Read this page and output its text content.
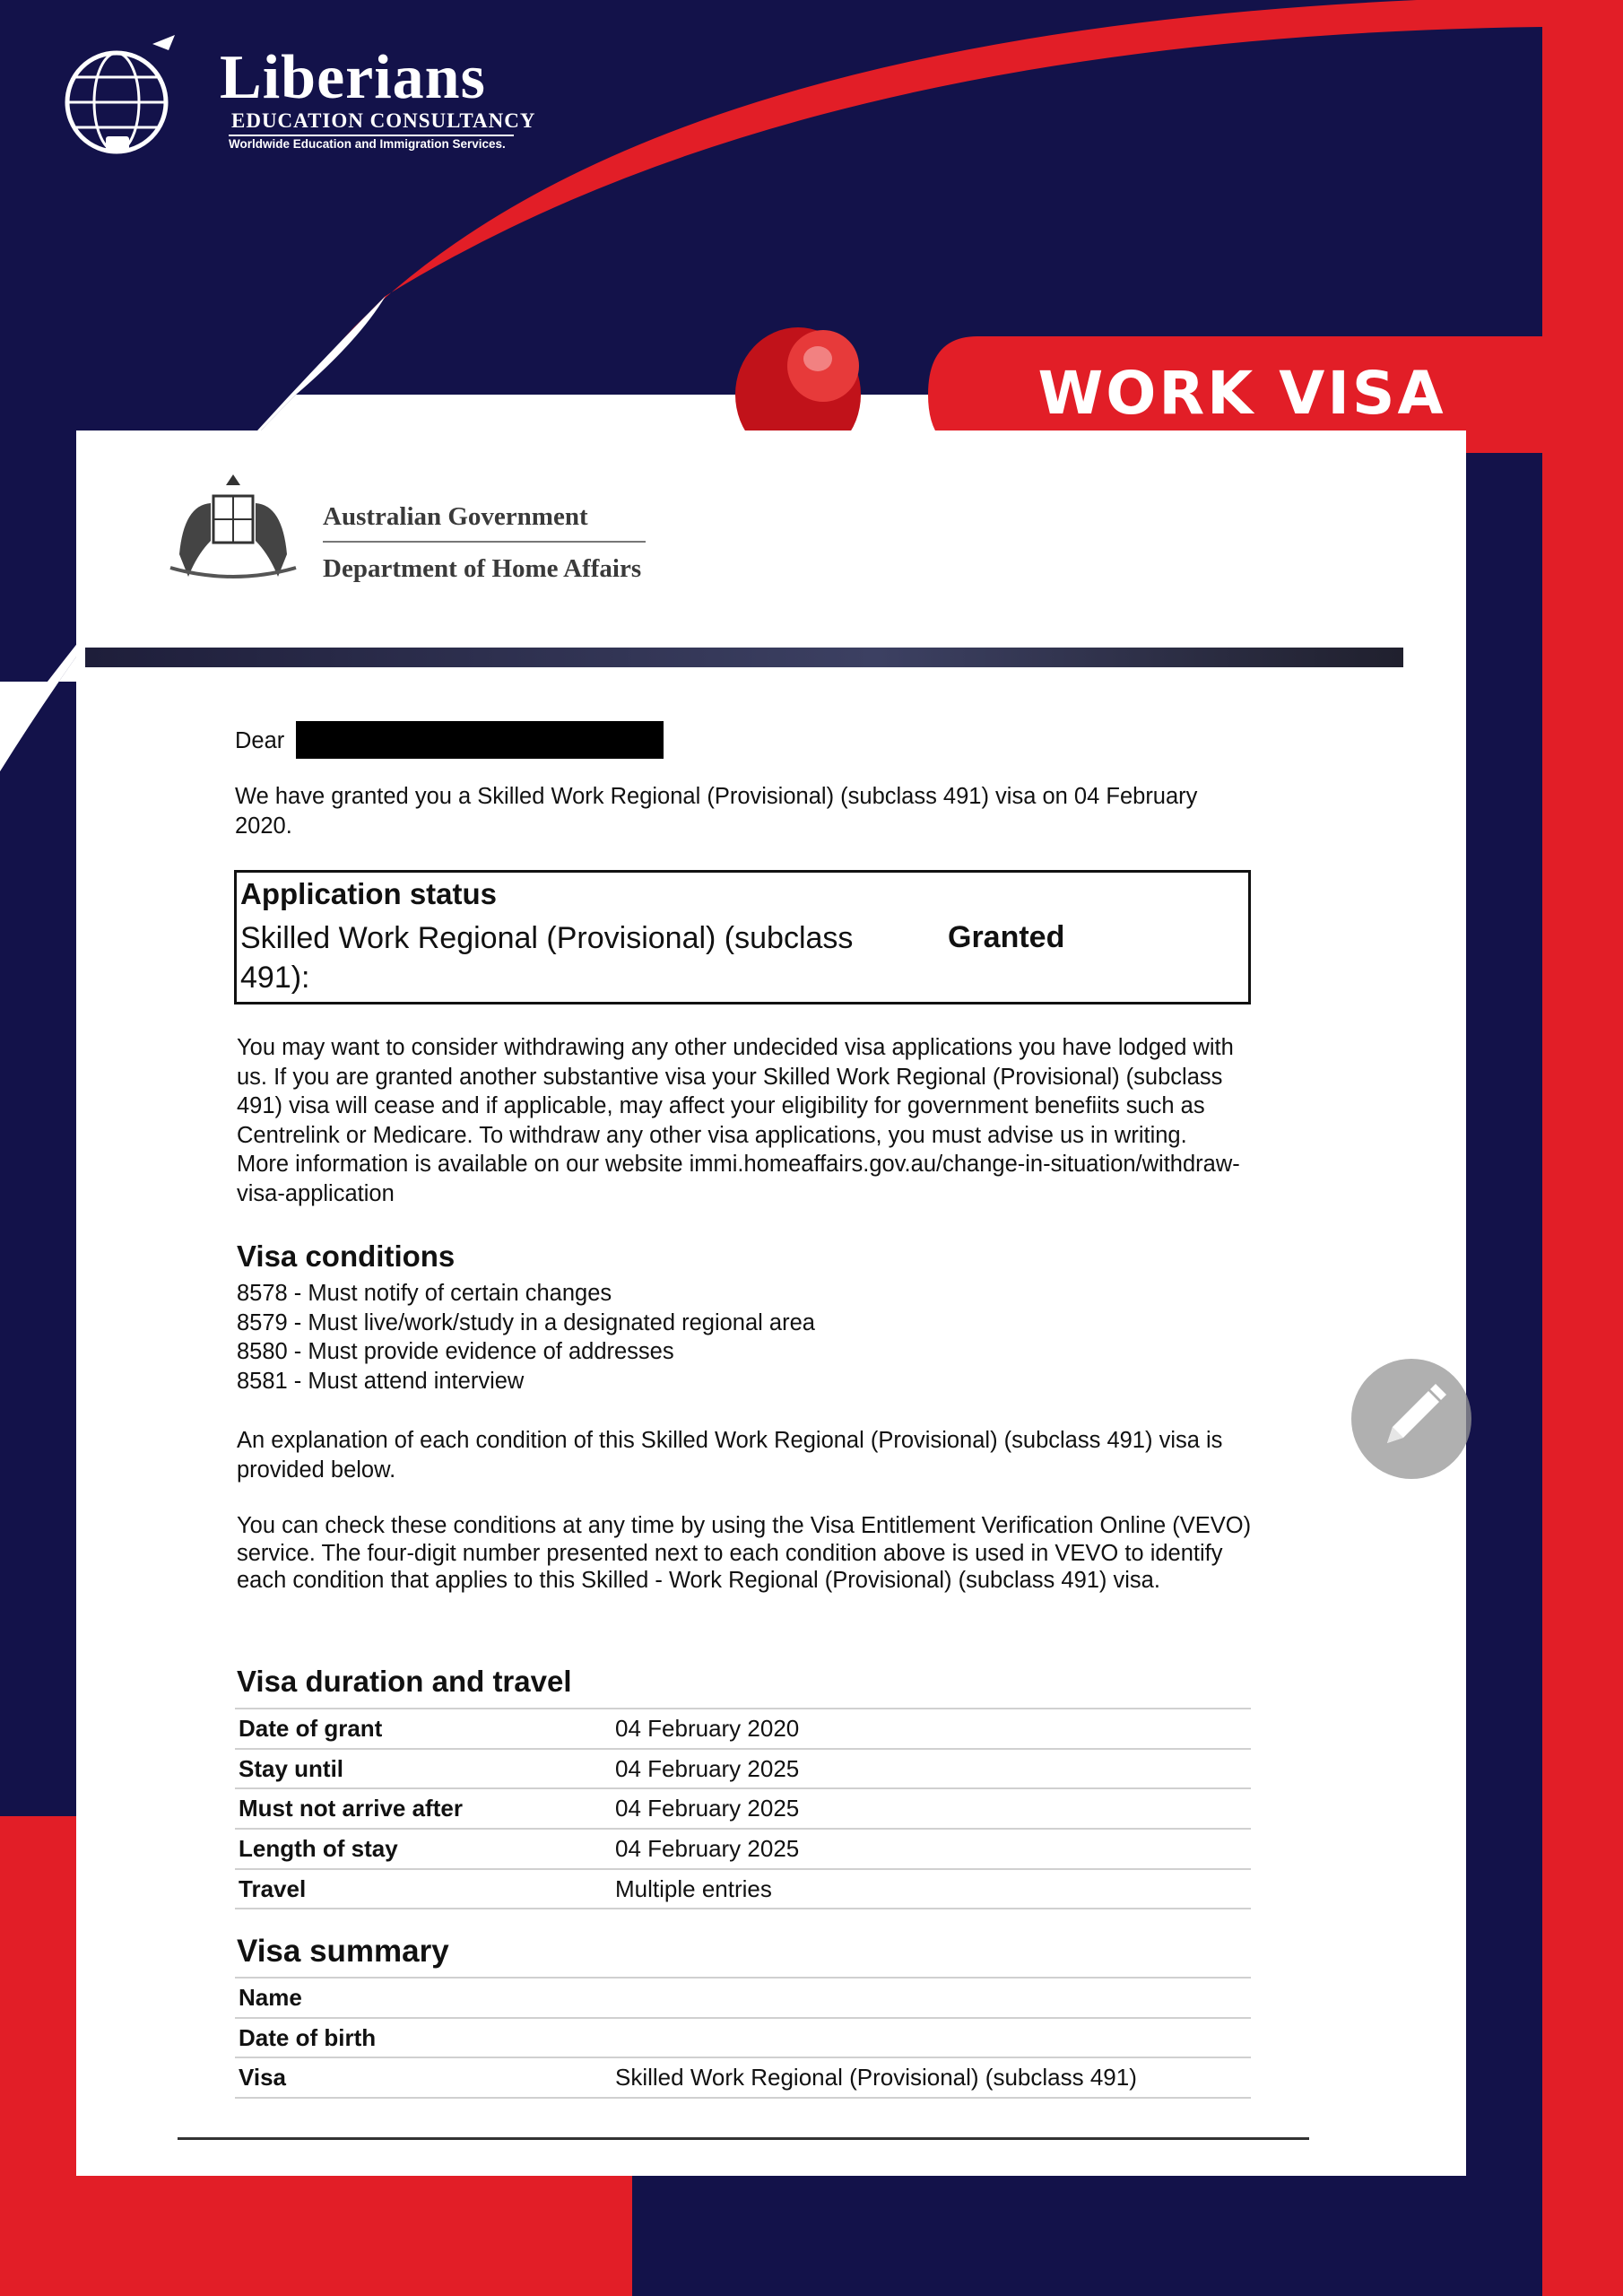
Liberians
EDUCATION CONSULTANCY
Worldwide Education and Immigration Services.
WORK VISA
Australian Government
Department of Home Affairs
Dear
We have granted you a Skilled Work Regional (Provisional) (subclass 491) visa on 04 February 2020.
Application status
Skilled Work Regional (Provisional) (subclass 491):
Granted
You may want to consider withdrawing any other undecided visa applications you have lodged with us. If you are granted another substantive visa your Skilled Work Regional (Provisional) (subclass 491) visa will cease and if applicable, may affect your eligibility for government benefiits such as Centrelink or Medicare. To withdraw any other visa applications, you must advise us in writing. More information is available on our website immi.homeaffairs.gov.au/change-in-situation/withdraw-visa-application
Visa conditions
8578 - Must notify of certain changes
8579 - Must live/work/study in a designated regional area
8580 - Must provide evidence of addresses
8581 - Must attend interview
An explanation of each condition of this Skilled Work Regional (Provisional) (subclass 491) visa is provided below.
You can check these conditions at any time by using the Visa Entitlement Verification Online (VEVO) service. The four-digit number presented next to each condition above is used in VEVO to identify each condition that applies to this Skilled - Work Regional (Provisional) (subclass 491) visa.
Visa duration and travel
Date of grant	04 February 2020
Stay until	04 February 2025
Must not arrive after	04 February 2025
Length of stay	04 February 2025
Travel	Multiple entries
Visa summary
Name
Date of birth
Visa	Skilled Work Regional (Provisional) (subclass 491)
